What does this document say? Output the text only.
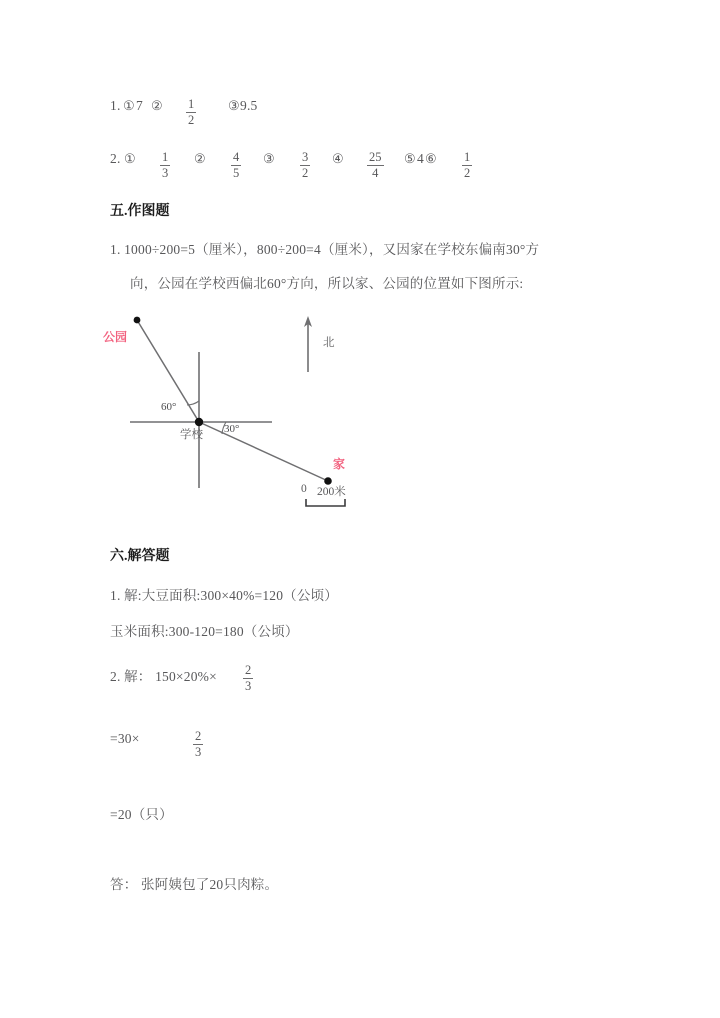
1. ① 7 ② 1
2
③ 9.5
2. ① 1
3
② 4
5
③ 3
2
④ 25
4
⑤ 4 ⑥ 1
2
五.作图题
1. 1000÷200=5（厘米），800÷200=4（厘米），又因家在学校东偏南30°方
向，公园在学校西偏北60°方向，所以家、公园的位置如下图所示:
公园
学校
家
北
60°
30°
0 200米
六.解答题
1. 解:大豆面积:300×40%=120（公顷）
玉米面积:300-120=180（公顷）
2. 解： 150×20%× 2
3
=30×	2
3
=20（只）
答： 张阿姨包了20只肉粽。
